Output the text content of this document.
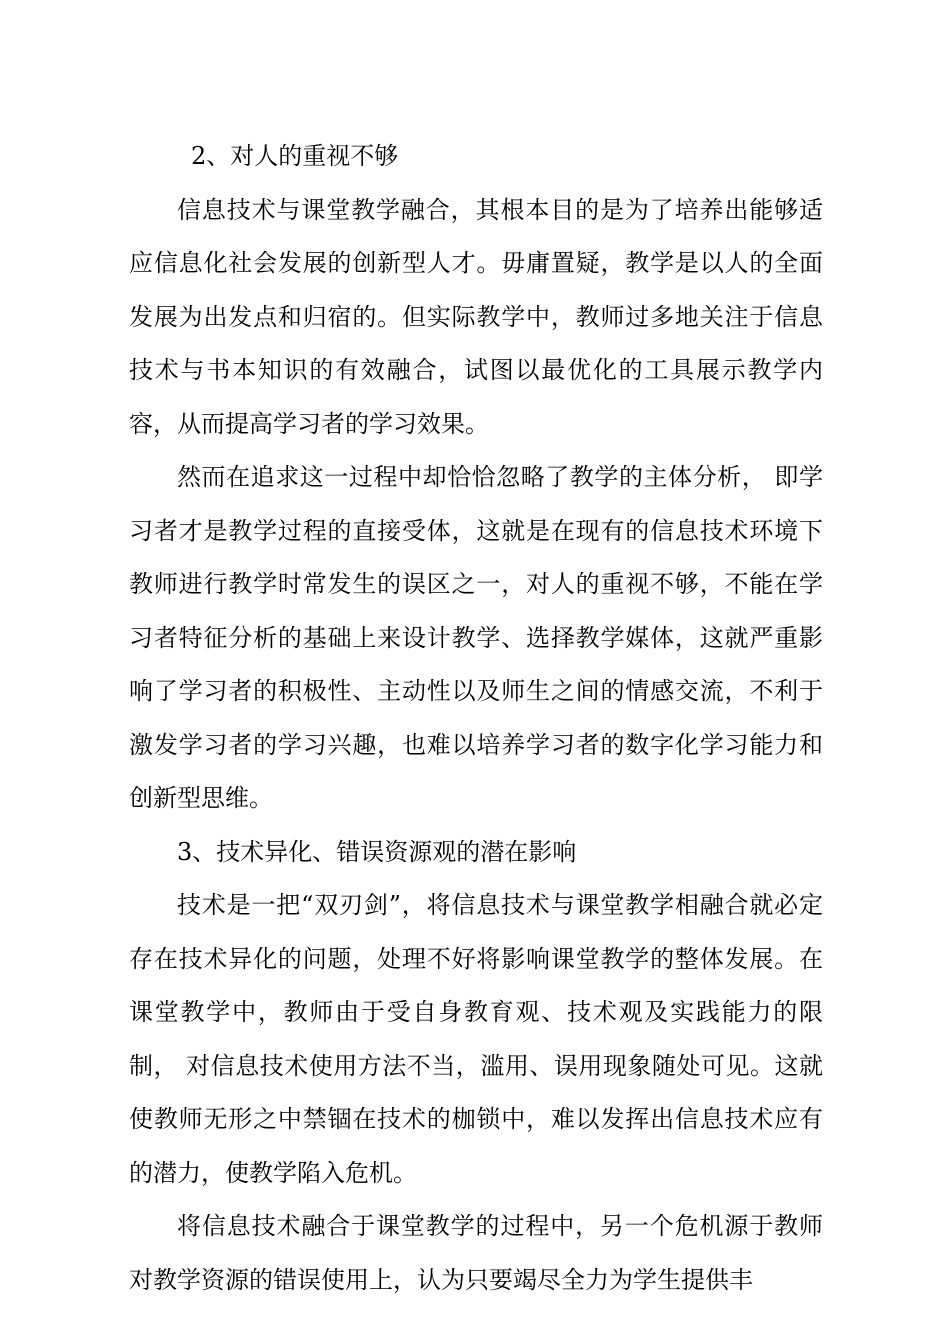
2、对人的重视不够

信息技术与课堂教学融合，其根本目的是为了培养出能够适应信息化社会发展的创新型人才。毋庸置疑，教学是以人的全面发展为出发点和归宿的。但实际教学中，教师过多地关注于信息技术与书本知识的有效融合，试图以最优化的工具展示教学内容，从而提高学习者的学习效果。

然而在追求这一过程中却恰恰忽略了教学的主体分析， 即学习者才是教学过程的直接受体，这就是在现有的信息技术环境下教师进行教学时常发生的误区之一，对人的重视不够，不能在学习者特征分析的基础上来设计教学、选择教学媒体，这就严重影响了学习者的积极性、主动性以及师生之间的情感交流，不利于激发学习者的学习兴趣，也难以培养学习者的数字化学习能力和创新型思维。

3、技术异化、错误资源观的潜在影响

技术是一把“双刃剑”，将信息技术与课堂教学相融合就必定存在技术异化的问题，处理不好将影响课堂教学的整体发展。在课堂教学中，教师由于受自身教育观、技术观及实践能力的限制， 对信息技术使用方法不当，滥用、误用现象随处可见。这就使教师无形之中禁锢在技术的枷锁中，难以发挥出信息技术应有的潜力，使教学陷入危机。

将信息技术融合于课堂教学的过程中，另一个危机源于教师对教学资源的错误使用上，认为只要竭尽全力为学生提供丰
